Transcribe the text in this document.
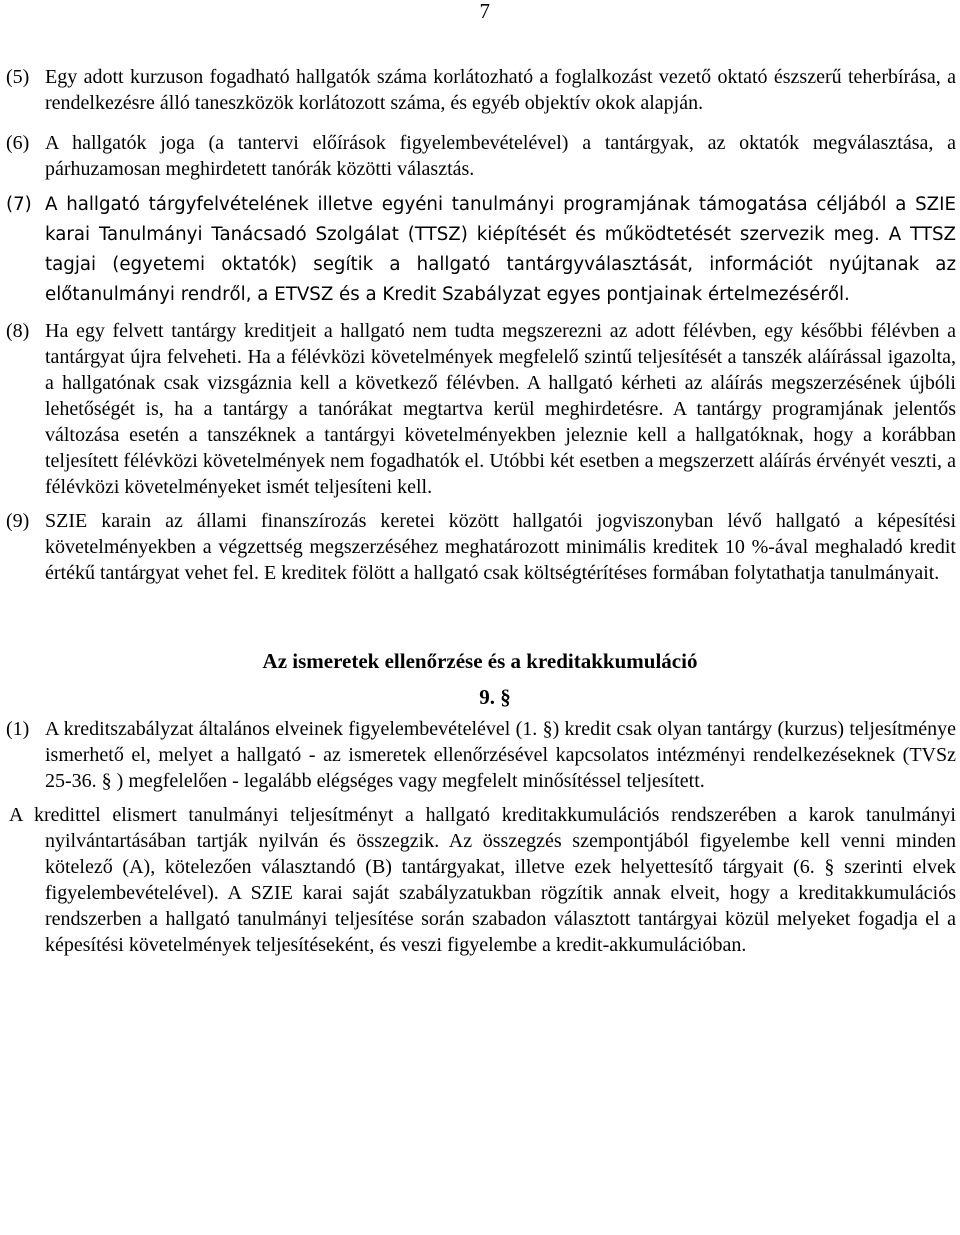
7
(5) Egy adott kurzuson fogadható hallgatók száma korlátozható a foglalkozást vezető oktató észszerű teherbírása, a rendelkezésre álló taneszközök korlátozott száma, és egyéb objektív okok alapján.
(6) A hallgatók joga (a tantervi előírások figyelembevételével) a tantárgyak, az oktatók megválasztása, a párhuzamosan meghirdetett tanórák közötti választás.
(7) A hallgató tárgyfelvételének illetve egyéni tanulmányi programjának támogatása céljából a SZIE karai Tanulmányi Tanácsadó Szolgálat (TTSZ) kiépítését és működtetését szervezik meg. A TTSZ tagjai (egyetemi oktatók) segítik a hallgató tantárgyválasztását, információt nyújtanak az előtanulmányi rendről, a ETVSZ és a Kredit Szabályzat egyes pontjainak értelmezéséről.
(8) Ha egy felvett tantárgy kreditjeit a hallgató nem tudta megszerezni az adott félévben, egy későbbi félévben a tantárgyat újra felveheti. Ha a félévközi követelmények megfelelő szintű teljesítését a tanszék aláírással igazolta, a hallgatónak csak vizsgáznia kell a következő félévben. A hallgató kérheti az aláírás megszerzésének újbóli lehetőségét is, ha a tantárgy a tanórákat megtartva kerül meghirdetésre. A tantárgy programjának jelentős változása esetén a tanszéknek a tantárgyi követelményekben jeleznie kell a hallgatóknak, hogy a korábban teljesített félévközi követelmények nem fogadhatók el. Utóbbi két esetben a megszerzett aláírás érvényét veszti, a félévközi követelményeket ismét teljesíteni kell.
(9) SZIE karain az állami finanszírozás keretei között hallgatói jogviszonyban lévő hallgató a képesítési követelményekben a végzettség megszerzéséhez meghatározott minimális kreditek 10 %-ával meghaladó kredit értékű tantárgyat vehet fel. E kreditek fölött a hallgató csak költségtérítéses formában folytathatja tanulmányait.
Az ismeretek ellenőrzése és a kreditakkumuláció
9. §
(1) A kreditszabályzat általános elveinek figyelembevételével (1. §) kredit csak olyan tantárgy (kurzus) teljesítménye ismerhető el, melyet a hallgató - az ismeretek ellenőrzésével kapcsolatos intézményi rendelkezéseknek (TVSz 25-36. § ) megfelelően - legalább elégséges vagy megfelelt minősítéssel teljesített.
A kredittel elismert tanulmányi teljesítményt a hallgató kreditakkumulációs rendszerében a karok tanulmányi nyilvántartásában tartják nyilván és összegzik. Az összegzés szempontjából figyelembe kell venni minden kötelező (A), kötelezően választandó (B) tantárgyakat, illetve ezek helyettesítő tárgyait (6. § szerinti elvek figyelembevételével). A SZIE karai saját szabályzatukban rögzítik annak elveit, hogy a kreditakkumulációs rendszerben a hallgató tanulmányi teljesítése során szabadon választott tantárgyai közül melyeket fogadja el a képesítési követelmények teljesítéseként, és veszi figyelembe a kredit-akkumulációban.
